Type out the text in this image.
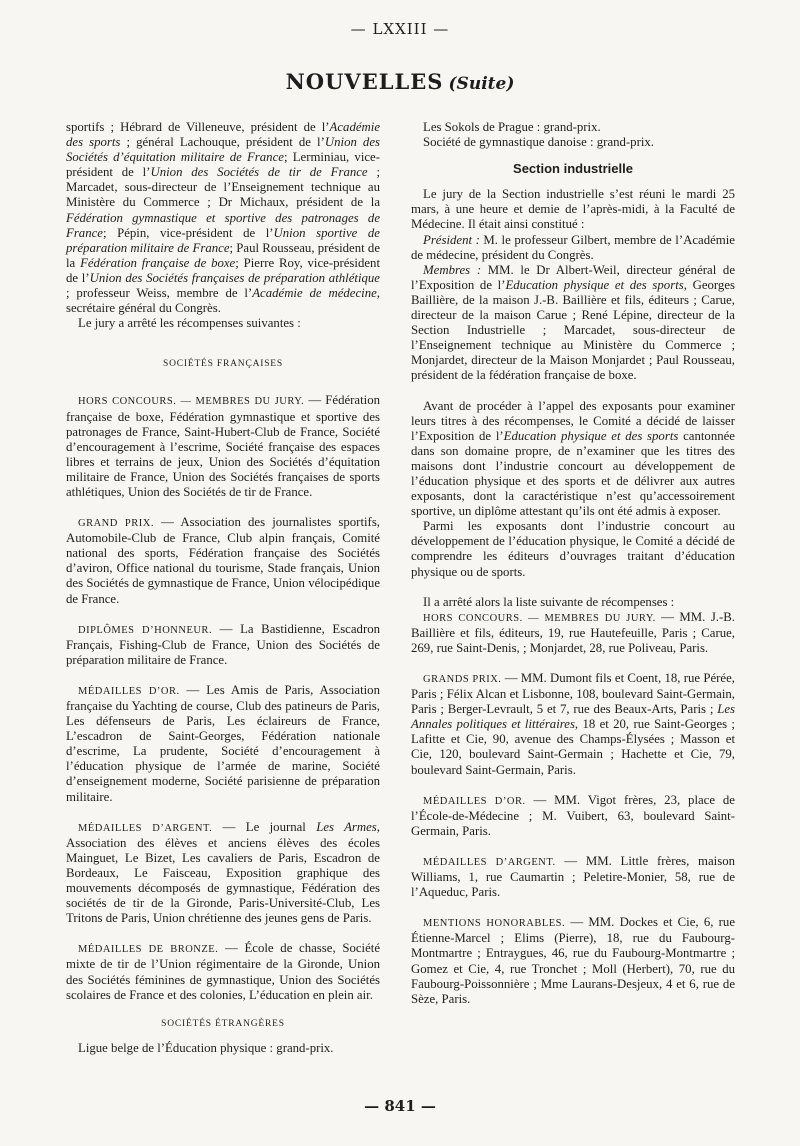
— LXXIII —
NOUVELLES (Suite)

sportifs ; Hébrard de Villeneuve, président de l’Académie des sports ; général Lachouque, président de l’Union des Sociétés d’équitation militaire de France; Lerminiau, vice-président de l’Union des Sociétés de tir de France ; Marcadet, sous-directeur de l’Enseignement technique au Ministère du Commerce ; Dr Michaux, président de la Fédération gymnastique et sportive des patronages de France; Pépin, vice-président de l’Union sportive de préparation militaire de France; Paul Rousseau, président de la Fédération française de boxe; Pierre Roy, vice-président de l’Union des Sociétés françaises de préparation athlétique ; professeur Weiss, membre de l’Académie de médecine, secrétaire général du Congrès.

Le jury a arrêté les récompenses suivantes :

SOCIÉTÉS FRANÇAISES

HORS CONCOURS. — MEMBRES DU JURY. — Fédération française de boxe, Fédération gymnastique et sportive des patronages de France, Saint-Hubert-Club de France, Société d’encouragement à l’escrime, Société française des espaces libres et terrains de jeux, Union des Sociétés d’équitation militaire de France, Union des Sociétés françaises de sports athlétiques, Union des Sociétés de tir de France.

GRAND PRIX. — Association des journalistes sportifs, Automobile-Club de France, Club alpin français, Comité national des sports, Fédération française des Sociétés d’aviron, Office national du tourisme, Stade français, Union des Sociétés de gymnastique de France, Union vélocipédique de France.

DIPLÔMES D’HONNEUR. — La Bastidienne, Escadron Français, Fishing-Club de France, Union des Sociétés de préparation militaire de France.

MÉDAILLES D’OR. — Les Amis de Paris, Association française du Yachting de course, Club des patineurs de Paris, Les défenseurs de Paris, Les éclaireurs de France, L’escadron de Saint-Georges, Fédération nationale d’escrime, La prudente, Société d’encouragement à l’éducation physique de l’armée de marine, Société d’enseignement moderne, Société parisienne de préparation militaire.

MÉDAILLES D’ARGENT. — Le journal Les Armes, Association des élèves et anciens élèves des écoles Mainguet, Le Bizet, Les cavaliers de Paris, Escadron de Bordeaux, Le Faisceau, Exposition graphique des mouvements décomposés de gymnastique, Fédération des sociétés de tir de la Gironde, Paris-Université-Club, Les Tritons de Paris, Union chrétienne des jeunes gens de Paris.

MÉDAILLES DE BRONZE. — École de chasse, Société mixte de tir de l’Union régimentaire de la Gironde, Union des Sociétés féminines de gymnastique, Union des Sociétés scolaires de France et des colonies, L’éducation en plein air.

SOCIÉTÉS ÉTRANGÈRES

Ligue belge de l’Éducation physique : grand-prix.

Les Sokols de Prague : grand-prix.

Société de gymnastique danoise : grand-prix.

Section industrielle

Le jury de la Section industrielle s’est réuni le mardi 25 mars, à une heure et demie de l’après-midi, à la Faculté de Médecine. Il était ainsi constitué :

Président : M. le professeur Gilbert, membre de l’Académie de médecine, président du Congrès.

Membres : MM. le Dr Albert-Weil, directeur général de l’Exposition de l’Education physique et des sports, Georges Baillière, de la maison J.-B. Baillière et fils, éditeurs ; Carue, directeur de la maison Carue ; René Lépine, directeur de la Section Industrielle ; Marcadet, sous-directeur de l’Enseignement technique au Ministère du Commerce ; Monjardet, directeur de la Maison Monjardet ; Paul Rousseau, président de la fédération française de boxe.

Avant de procéder à l’appel des exposants pour examiner leurs titres à des récompenses, le Comité a décidé de laisser l’Exposition de l’Education physique et des sports cantonnée dans son domaine propre, de n’examiner que les titres des maisons dont l’industrie concourt au développement de l’éducation physique et des sports et de délivrer aux autres exposants, dont la caractéristique n’est qu’accessoirement sportive, un diplôme attestant qu’ils ont été admis à exposer.

Parmi les exposants dont l’industrie concourt au développement de l’éducation physique, le Comité a décidé de comprendre les éditeurs d’ouvrages traitant d’éducation physique ou de sports.

Il a arrêté alors la liste suivante de récompenses :

HORS CONCOURS. — MEMBRES DU JURY. — MM. J.-B. Baillière et fils, éditeurs, 19, rue Hautefeuille, Paris ; Carue, 269, rue Saint-Denis, ; Monjardet, 28, rue Poliveau, Paris.

GRANDS PRIX. — MM. Dumont fils et Coent, 18, rue Pérée, Paris ; Félix Alcan et Lisbonne, 108, boulevard Saint-Germain, Paris ; Berger-Levrault, 5 et 7, rue des Beaux-Arts, Paris ; Les Annales politiques et littéraires, 18 et 20, rue Saint-Georges ; Lafitte et Cie, 90, avenue des Champs-Élysées ; Masson et Cie, 120, boulevard Saint-Germain ; Hachette et Cie, 79, boulevard Saint-Germain, Paris.

MÉDAILLES D’OR. — MM. Vigot frères, 23, place de l’École-de-Médecine ; M. Vuibert, 63, boulevard Saint-Germain, Paris.

MÉDAILLES D’ARGENT. — MM. Little frères, maison Williams, 1, rue Caumartin ; Peletire-Monier, 58, rue de l’Aqueduc, Paris.

MENTIONS HONORABLES. — MM. Dockes et Cie, 6, rue Étienne-Marcel ; Elims (Pierre), 18, rue du Faubourg-Montmartre ; Entraygues, 46, rue du Faubourg-Montmartre ; Gomez et Cie, 4, rue Tronchet ; Moll (Herbert), 70, rue du Faubourg-Poissonnière ; Mme Laurans-Desjeux, 4 et 6, rue de Sèze, Paris.

— 841 —
